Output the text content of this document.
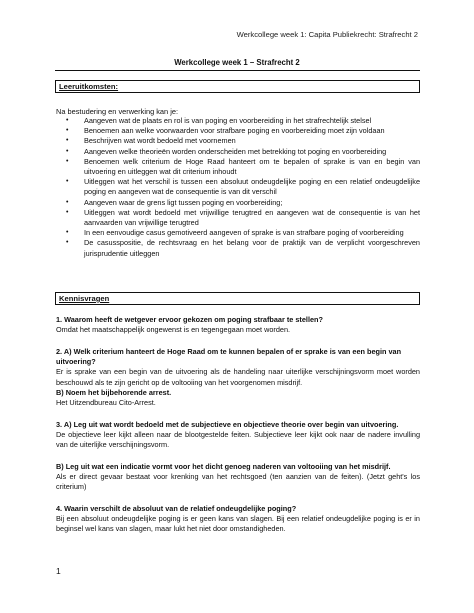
Werkcollege week 1: Capita Publiekrecht: Strafrecht 2
Werkcollege week 1 – Strafrecht 2
Leeruitkomsten:
Na bestudering en verwerking kan je:
• Aangeven wat de plaats en rol is van poging en voorbereiding in het strafrechtelijk stelsel
• Benoemen aan welke voorwaarden voor strafbare poging en voorbereiding moet zijn voldaan
• Beschrijven wat wordt bedoeld met voornemen
• Aangeven welke theorieën worden onderscheiden met betrekking tot poging en voorbereiding
• Benoemen welk criterium de Hoge Raad hanteert om te bepalen of sprake is van en begin van uitvoering en uitleggen wat dit criterium inhoudt
• Uitleggen wat het verschil is tussen een absoluut ondeugdelijke poging en een relatief ondeugdelijke poging en aangeven wat de consequentie is van dit verschil
• Aangeven waar de grens ligt tussen poging en voorbereiding;
• Uitleggen wat wordt bedoeld met vrijwillige terugtred en aangeven wat de consequentie is van het aanvaarden van vrijwillige terugtred
• In een eenvoudige casus gemotiveerd aangeven of sprake is van strafbare poging of voorbereiding
• De casusspositie, de rechtsvraag en het belang voor de praktijk van de verplicht voorgeschreven jurisprudentie uitleggen
Kennisvragen
1. Waarom heeft de wetgever ervoor gekozen om poging strafbaar te stellen?
Omdat het maatschappelijk ongewenst is en tegengegaan moet worden.
2. A) Welk criterium hanteert de Hoge Raad om te kunnen bepalen of er sprake is van een begin van uitvoering?
Er is sprake van een begin van de uitvoering als de handeling naar uiterlijke verschijningsvorm moet worden beschouwd als te zijn gericht op de voltooiing van het voorgenomen misdrijf.
B) Noem het bijbehorende arrest.
Het Uitzendbureau Cito-Arrest.
3. A) Leg uit wat wordt bedoeld met de subjectieve en objectieve theorie over begin van uitvoering.
De objectieve leer kijkt alleen naar de blootgestelde feiten. Subjectieve leer kijkt ook naar de nadere invulling van de uiterlijke verschijningsvorm.
B) Leg uit wat een indicatie vormt voor het dicht genoeg naderen van voltooiing van het misdrijf.
Als er direct gevaar bestaat voor krenking van het rechtsgoed (ten aanzien van de feiten). (Jetzt geht's los criterium)
4. Waarin verschilt de absoluut van de relatief ondeugdelijke poging?
Bij een absoluut ondeugdelijke poging is er geen kans van slagen. Bij een relatief ondeugdelijke poging is er in beginsel wel kans van slagen, maar lukt het niet door omstandigheden.
1
